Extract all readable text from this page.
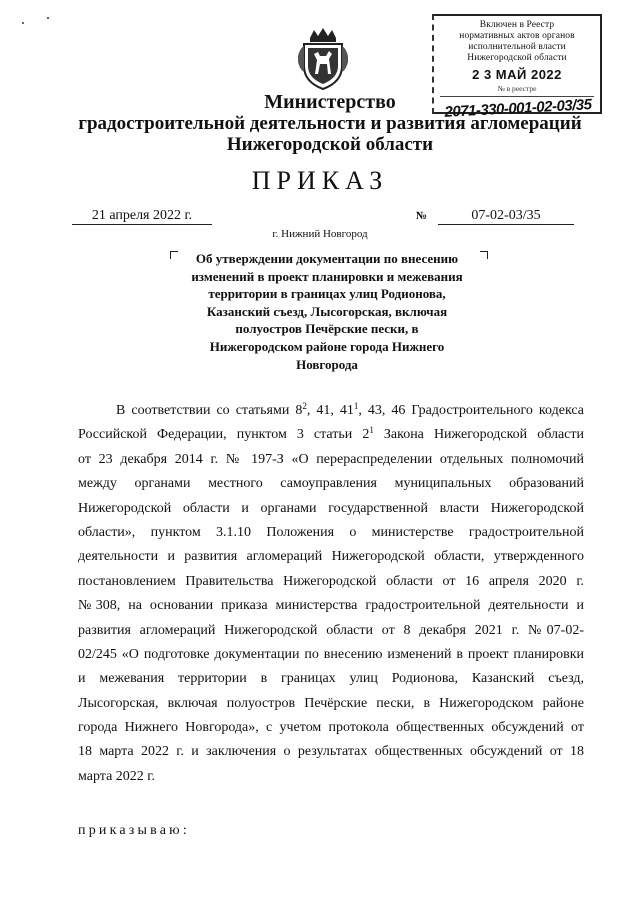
Включен в Реестр
нормативных актов органов
исполнительной власти
Нижегородской области
2 3 МАЙ 2022
№ в реестре
2071-330-001-02-03/35
Министерство
градостроительной деятельности и развития агломераций
Нижегородской области
ПРИКАЗ
21 апреля 2022 г.	№	07-02-03/35
г. Нижний Новгород
Об утверждении документации по внесению
изменений в проект планировки и межевания
территории в границах улиц Родионова,
Казанский съезд, Лысогорская, включая
полуостров Печёрские пески, в
Нижегородском районе города Нижнего
Новгорода
В соответствии со статьями $8^2$, 41, $41^1$, 43, 46 Градостроительного кодекса
Российской Федерации, пунктом 3 статьи $2^1$ Закона Нижегородской области
от 23 декабря 2014 г. № 197-З «О перераспределении отдельных полномочий
между органами местного самоуправления муниципальных образований
Нижегородской области и органами государственной власти Нижегородской
области», пунктом 3.1.10 Положения о министерстве градостроительной
деятельности и развития агломераций Нижегородской области, утвержденного
постановлением Правительства Нижегородской области от 16 апреля 2020 г.
№308, на основании приказа министерства градостроительной деятельности и
развития агломераций Нижегородской области от 8 декабря 2021 г. №07-02-
02/245 «О подготовке документации по внесению изменений в проект планировки
и межевания территории в границах улиц Родионова, Казанский съезд,
Лысогорская, включая полуостров Печёрские пески, в Нижегородском районе
города Нижнего Новгорода», с учетом протокола общественных обсуждений от
18 марта 2022 г. и заключения о результатах общественных обсуждений от 18
марта 2022 г.
приказываю:
